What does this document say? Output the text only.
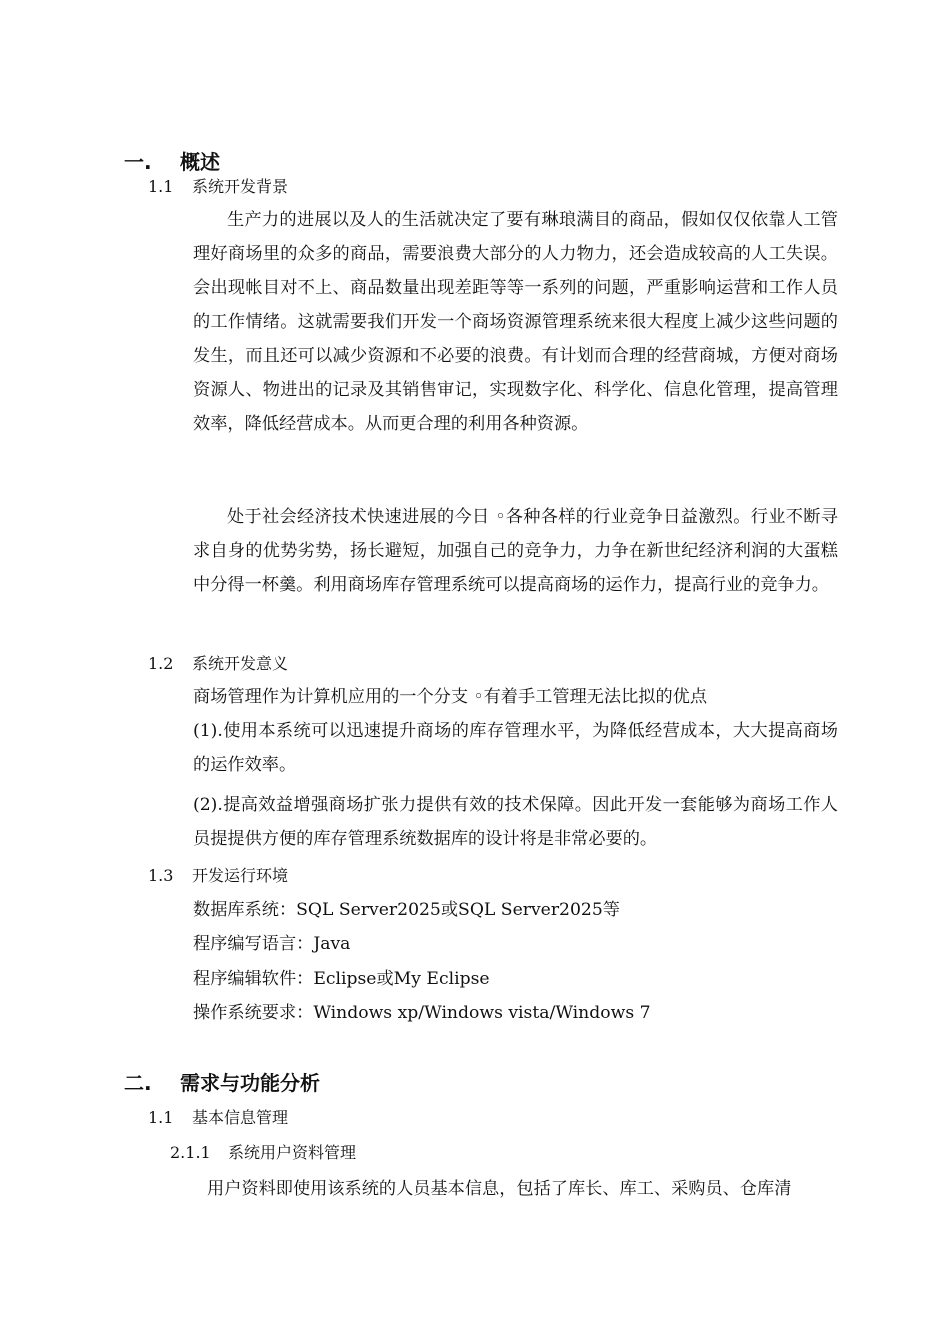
一. 概述
1.1 系统开发背景

生产力的进展以及人的生活就决定了要有琳琅满目的商品，假如仅仅依靠人工管理好商场里的众多的商品，需要浪费大部分的人力物力，还会造成较高的人工失误。会出现帐目对不上、商品数量出现差距等等一系列的问题，严重影响运营和工作人员的工作情绪。这就需要我们开发一个商场资源管理系统来很大程度上减少这些问题的发生，而且还可以减少资源和不必要的浪费。有计划而合理的经营商城，方便对商场资源人、物进出的记录及其销售审记，实现数字化、科学化、信息化管理，提高管理效率，降低经营成本。从而更合理的利用各种资源。

处于社会经济技术快速进展的今日 ◦各种各样的行业竞争日益激烈。行业不断寻求自身的优势劣势，扬长避短，加强自己的竞争力，力争在新世纪经济利润的大蛋糕中分得一杯羹。利用商场库存管理系统可以提高商场的运作力，提高行业的竞争力。

1.2 系统开发意义

商场管理作为计算机应用的一个分支 ◦有着手工管理无法比拟的优点

(1).使用本系统可以迅速提升商场的库存管理水平，为降低经营成本，大大提高商场的运作效率。

(2).提高效益增强商场扩张力提供有效的技术保障。因此开发一套能够为商场工作人员提提供方便的库存管理系统数据库的设计将是非常必要的。

1.3 开发运行环境

数据库系统：SQL Server2025或SQL Server2025等

程序编写语言：Java

程序编辑软件：Eclipse或My Eclipse

操作系统要求：Windows xp/Windows vista/Windows 7

二. 需求与功能分析
1.1 基本信息管理
2.1.1 系统用户资料管理

用户资料即使用该系统的人员基本信息，包括了库长、库工、采购员、仓库清
